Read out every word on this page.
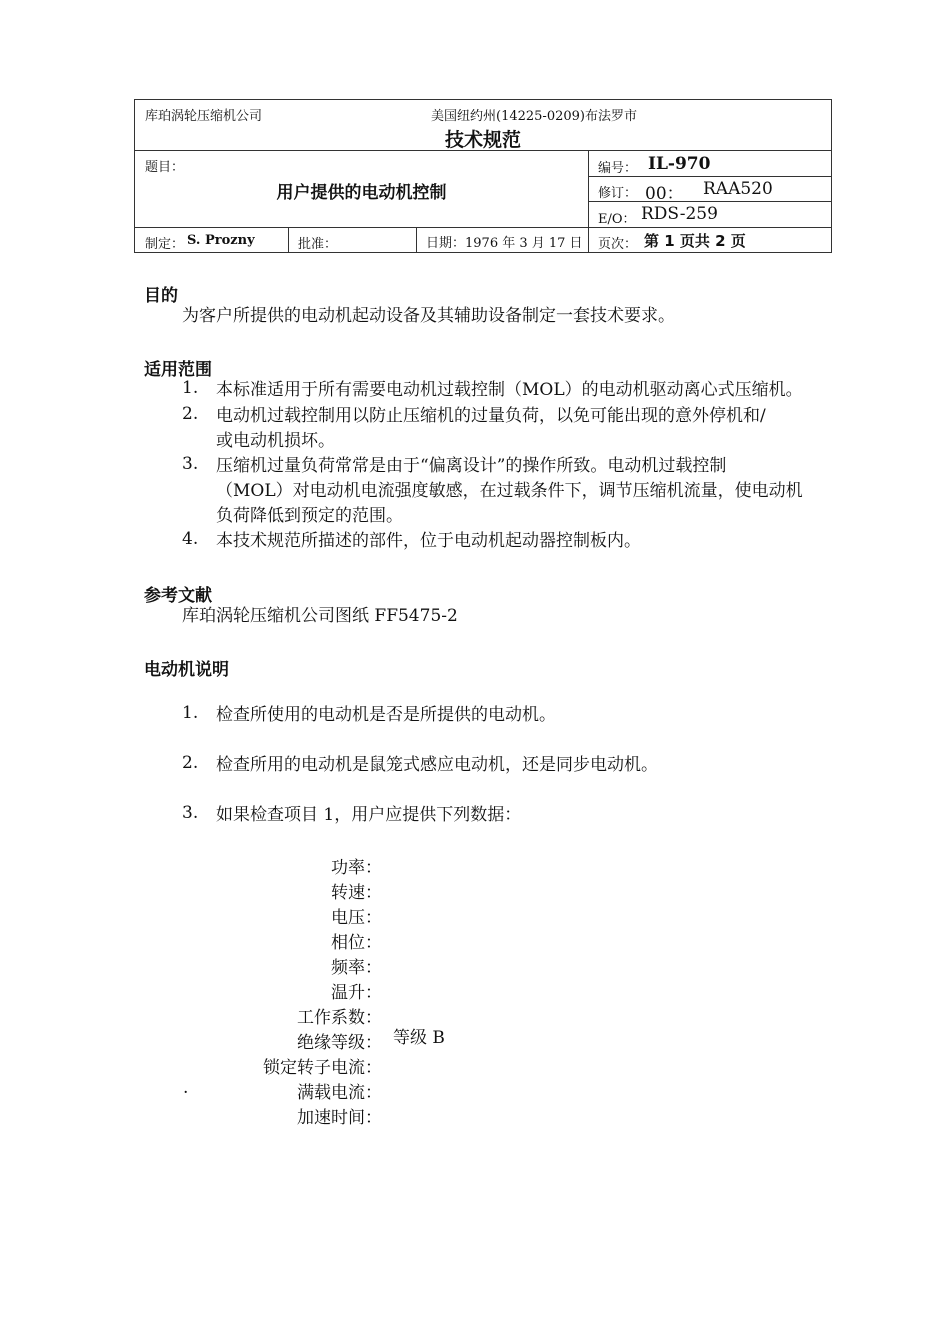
库珀涡轮压缩机公司	美国纽约州(14225-0209)布法罗市
技术规范
题目：
用户提供的电动机控制
编号： IL-970
修订： 00： RAA520
E/O： RDS-259
制定： S. Prozny	批准：	日期：1976 年 3 月 17 日 页次： 第 1 页共 2 页
目的
为客户所提供的电动机起动设备及其辅助设备制定一套技术要求。
适用范围
1. 本标准适用于所有需要电动机过载控制（MOL）的电动机驱动离心式压缩机。
2. 电动机过载控制用以防止压缩机的过量负荷，以免可能出现的意外停机和/
或电动机损坏。
3. 压缩机过量负荷常常是由于“偏离设计”的操作所致。电动机过载控制
（MOL）对电动机电流强度敏感，在过载条件下，调节压缩机流量，使电动机
负荷降低到预定的范围。
4. 本技术规范所描述的部件，位于电动机起动器控制板内。
参考文献
库珀涡轮压缩机公司图纸 FF5475-2
电动机说明
1. 检查所使用的电动机是否是所提供的电动机。
2. 检查所用的电动机是鼠笼式感应电动机，还是同步电动机。
3. 如果检查项目 1，用户应提供下列数据：
功率：
转速：
电压：
相位：
频率：
温升：
工作系数：
绝缘等级： 等级 B
锁定转子电流：
满载电流：
.
加速时间：
